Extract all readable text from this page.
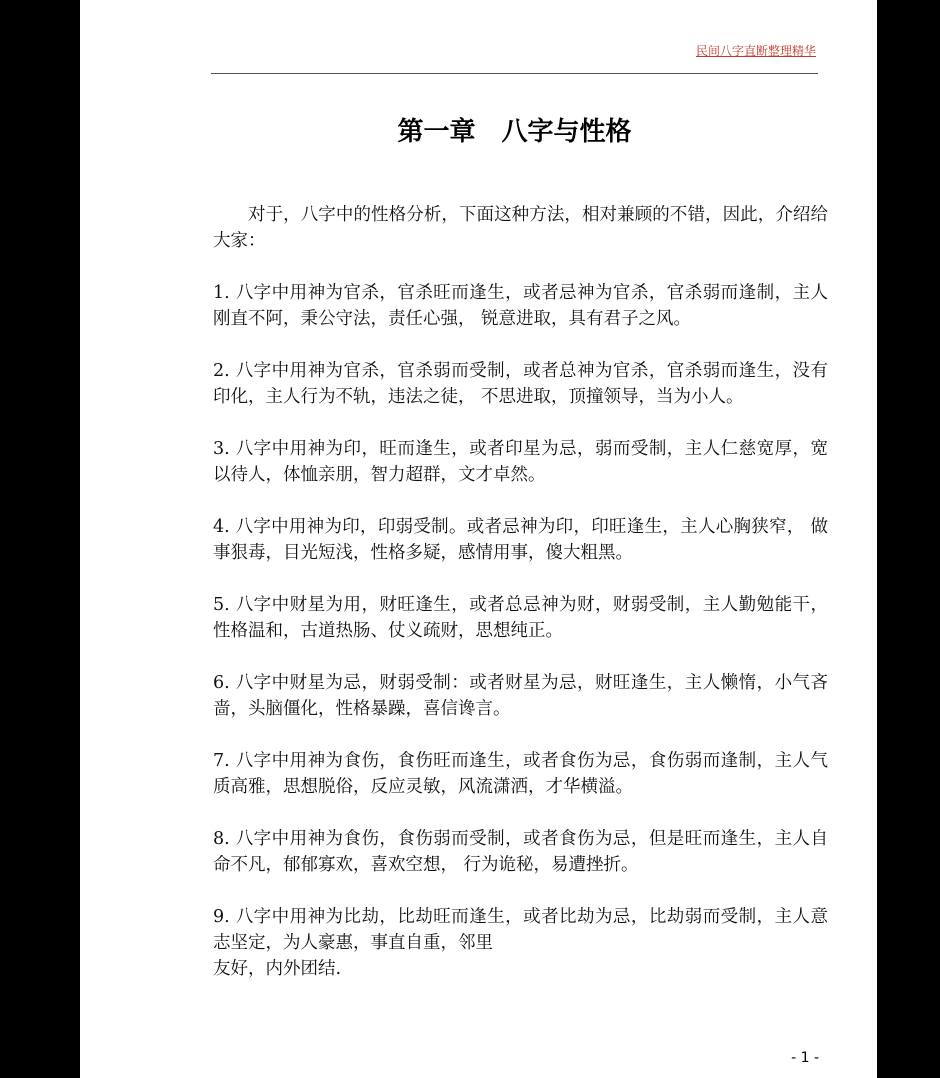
民间八字直断整理精华
第一章　八字与性格

对于，八字中的性格分析，下面这种方法，相对兼顾的不错，因此，介绍给大家：

1. 八字中用神为官杀，官杀旺而逢生，或者忌神为官杀，官杀弱而逢制，主人刚直不阿，秉公守法，责任心强， 锐意进取，具有君子之风。

2. 八字中用神为官杀，官杀弱而受制，或者总神为官杀，官杀弱而逢生，没有印化，主人行为不轨，违法之徒， 不思进取，顶撞领导，当为小人。

3. 八字中用神为印，旺而逢生，或者印星为忌，弱而受制，主人仁慈宽厚，宽以待人，体恤亲朋，智力超群，文才卓然。

4. 八字中用神为印，印弱受制。或者忌神为印，印旺逢生，主人心胸狭窄， 做事狠毒，目光短浅，性格多疑，感情用事，傻大粗黑。

5. 八字中财星为用，财旺逢生，或者总忌神为财，财弱受制，主人勤勉能干， 性格温和，古道热肠、仗义疏财，思想纯正。

6. 八字中财星为忌，财弱受制：或者财星为忌，财旺逢生，主人懒惰，小气吝啬，头脑僵化，性格暴躁，喜信谗言。

7. 八字中用神为食伤，食伤旺而逢生，或者食伤为忌，食伤弱而逢制，主人气质高雅，思想脱俗，反应灵敏，风流潇洒，才华横溢。

8. 八字中用神为食伤，食伤弱而受制，或者食伤为忌，但是旺而逢生，主人自命不凡，郁郁寡欢，喜欢空想， 行为诡秘，易遭挫折。

9. 八字中用神为比劫，比劫旺而逢生，或者比劫为忌，比劫弱而受制，主人意志坚定，为人豪惠，事直自重，邻里
友好，内外团结.
- 1 -
